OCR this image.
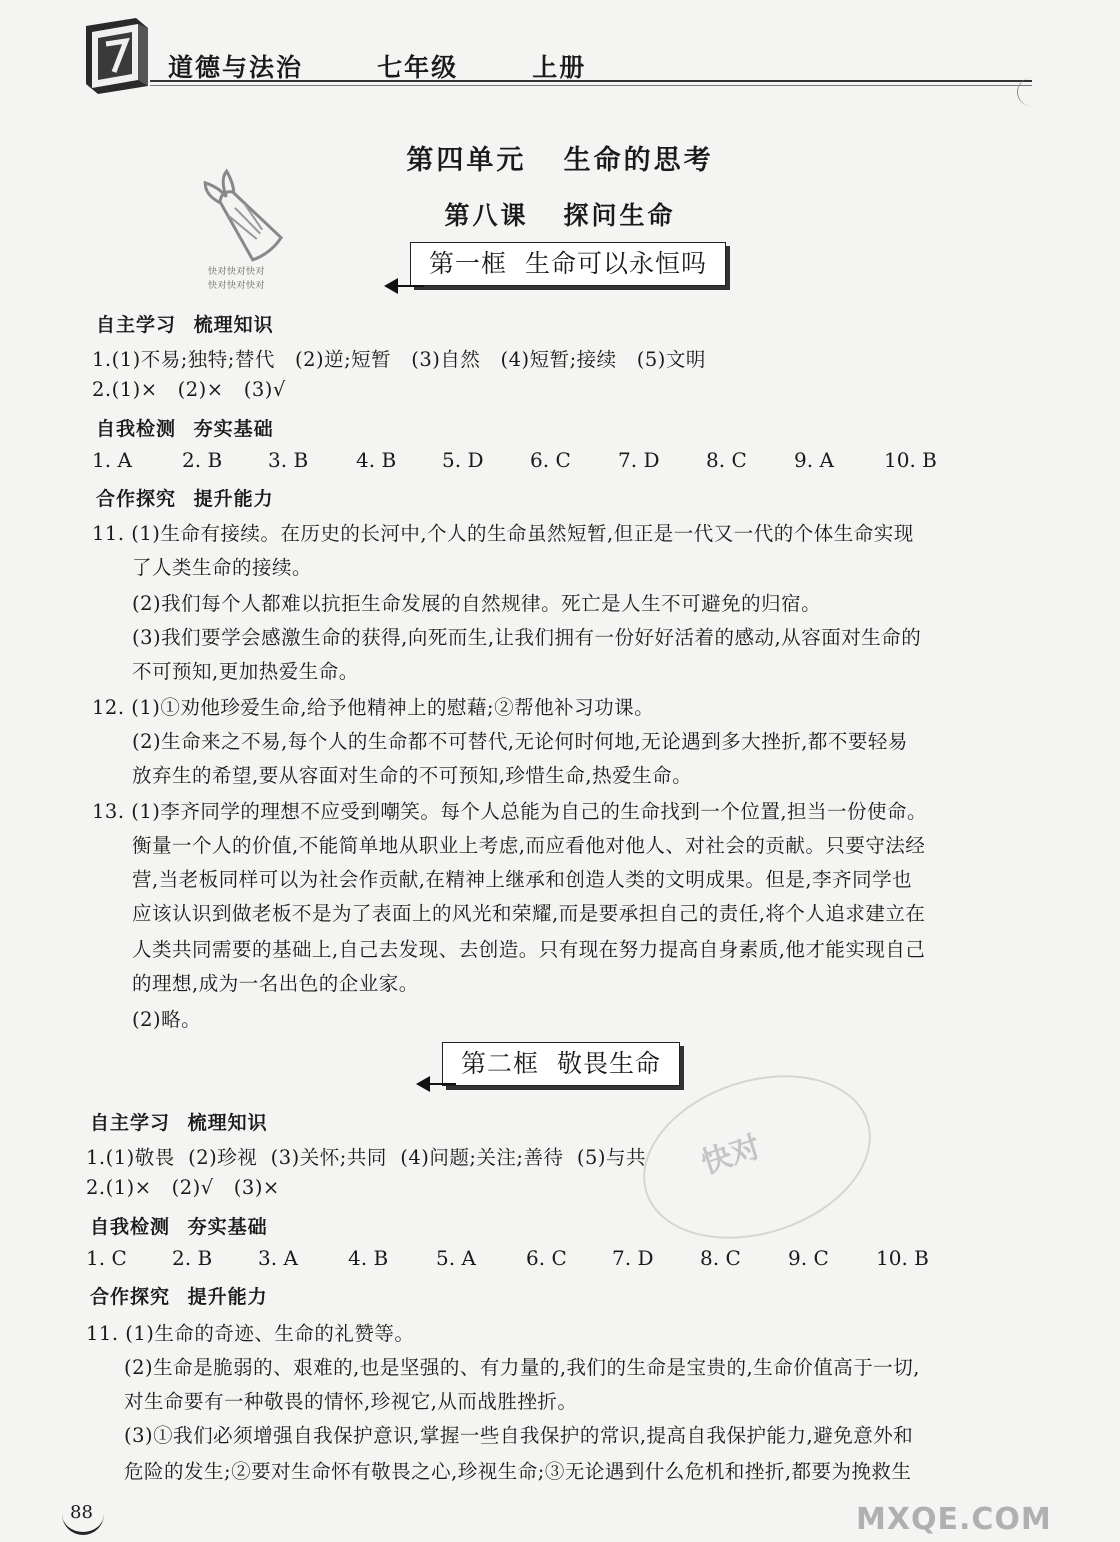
道德与法治   七年级   上册
第四单元   生命的思考
快对快对快对
快对快对快对
第八课   探问生命
第一框  生命可以永恒吗
自主学习 梳理知识
1.(1)不易;独特;替代   (2)逆;短暂   (3)自然   (4)短暂;接续   (5)文明
2.(1)×   (2)×   (3)√
自我检测 夯实基础

1. A

	2. B

3. B

4. B

5. D

6. C

7. D

8. C

9. A

	10. B

合作探究 提升能力
11. (1)生命有接续。在历史的长河中,个人的生命虽然短暂,但正是一代又一代的个体生命实现
了人类生命的接续。
(2)我们每个人都难以抗拒生命发展的自然规律。死亡是人生不可避免的归宿。
(3)我们要学会感激生命的获得,向死而生,让我们拥有一份好好活着的感动,从容面对生命的
不可预知,更加热爱生命。
12. (1)①劝他珍爱生命,给予他精神上的慰藉;②帮他补习功课。
(2)生命来之不易,每个人的生命都不可替代,无论何时何地,无论遇到多大挫折,都不要轻易
放弃生的希望,要从容面对生命的不可预知,珍惜生命,热爱生命。
13. (1)李齐同学的理想不应受到嘲笑。每个人总能为自己的生命找到一个位置,担当一份使命。
衡量一个人的价值,不能简单地从职业上考虑,而应看他对他人、对社会的贡献。只要守法经
营,当老板同样可以为社会作贡献,在精神上继承和创造人类的文明成果。但是,李齐同学也
应该认识到做老板不是为了表面上的风光和荣耀,而是要承担自己的责任,将个人追求建立在
人类共同需要的基础上,自己去发现、去创造。只有现在努力提高自身素质,他才能实现自己
的理想,成为一名出色的企业家。
(2)略。
快对
第二框  敬畏生命
自主学习 梳理知识
1.(1)敬畏  (2)珍视  (3)关怀;共同  (4)问题;关注;善待  (5)与共
2.(1)×   (2)√   (3)×
自我检测 夯实基础

1. C

2. B

3. A

	4. B

5. A

	6. C

7. D

8. C

9. C

10. B

合作探究 提升能力
11. (1)生命的奇迹、生命的礼赞等。
(2)生命是脆弱的、艰难的,也是坚强的、有力量的,我们的生命是宝贵的,生命价值高于一切,
对生命要有一种敬畏的情怀,珍视它,从而战胜挫折。
(3)①我们必须增强自我保护意识,掌握一些自我保护的常识,提高自我保护能力,避免意外和
危险的发生;②要对生命怀有敬畏之心,珍视生命;③无论遇到什么危机和挫折,都要为挽救生
88	MXQE.COM
